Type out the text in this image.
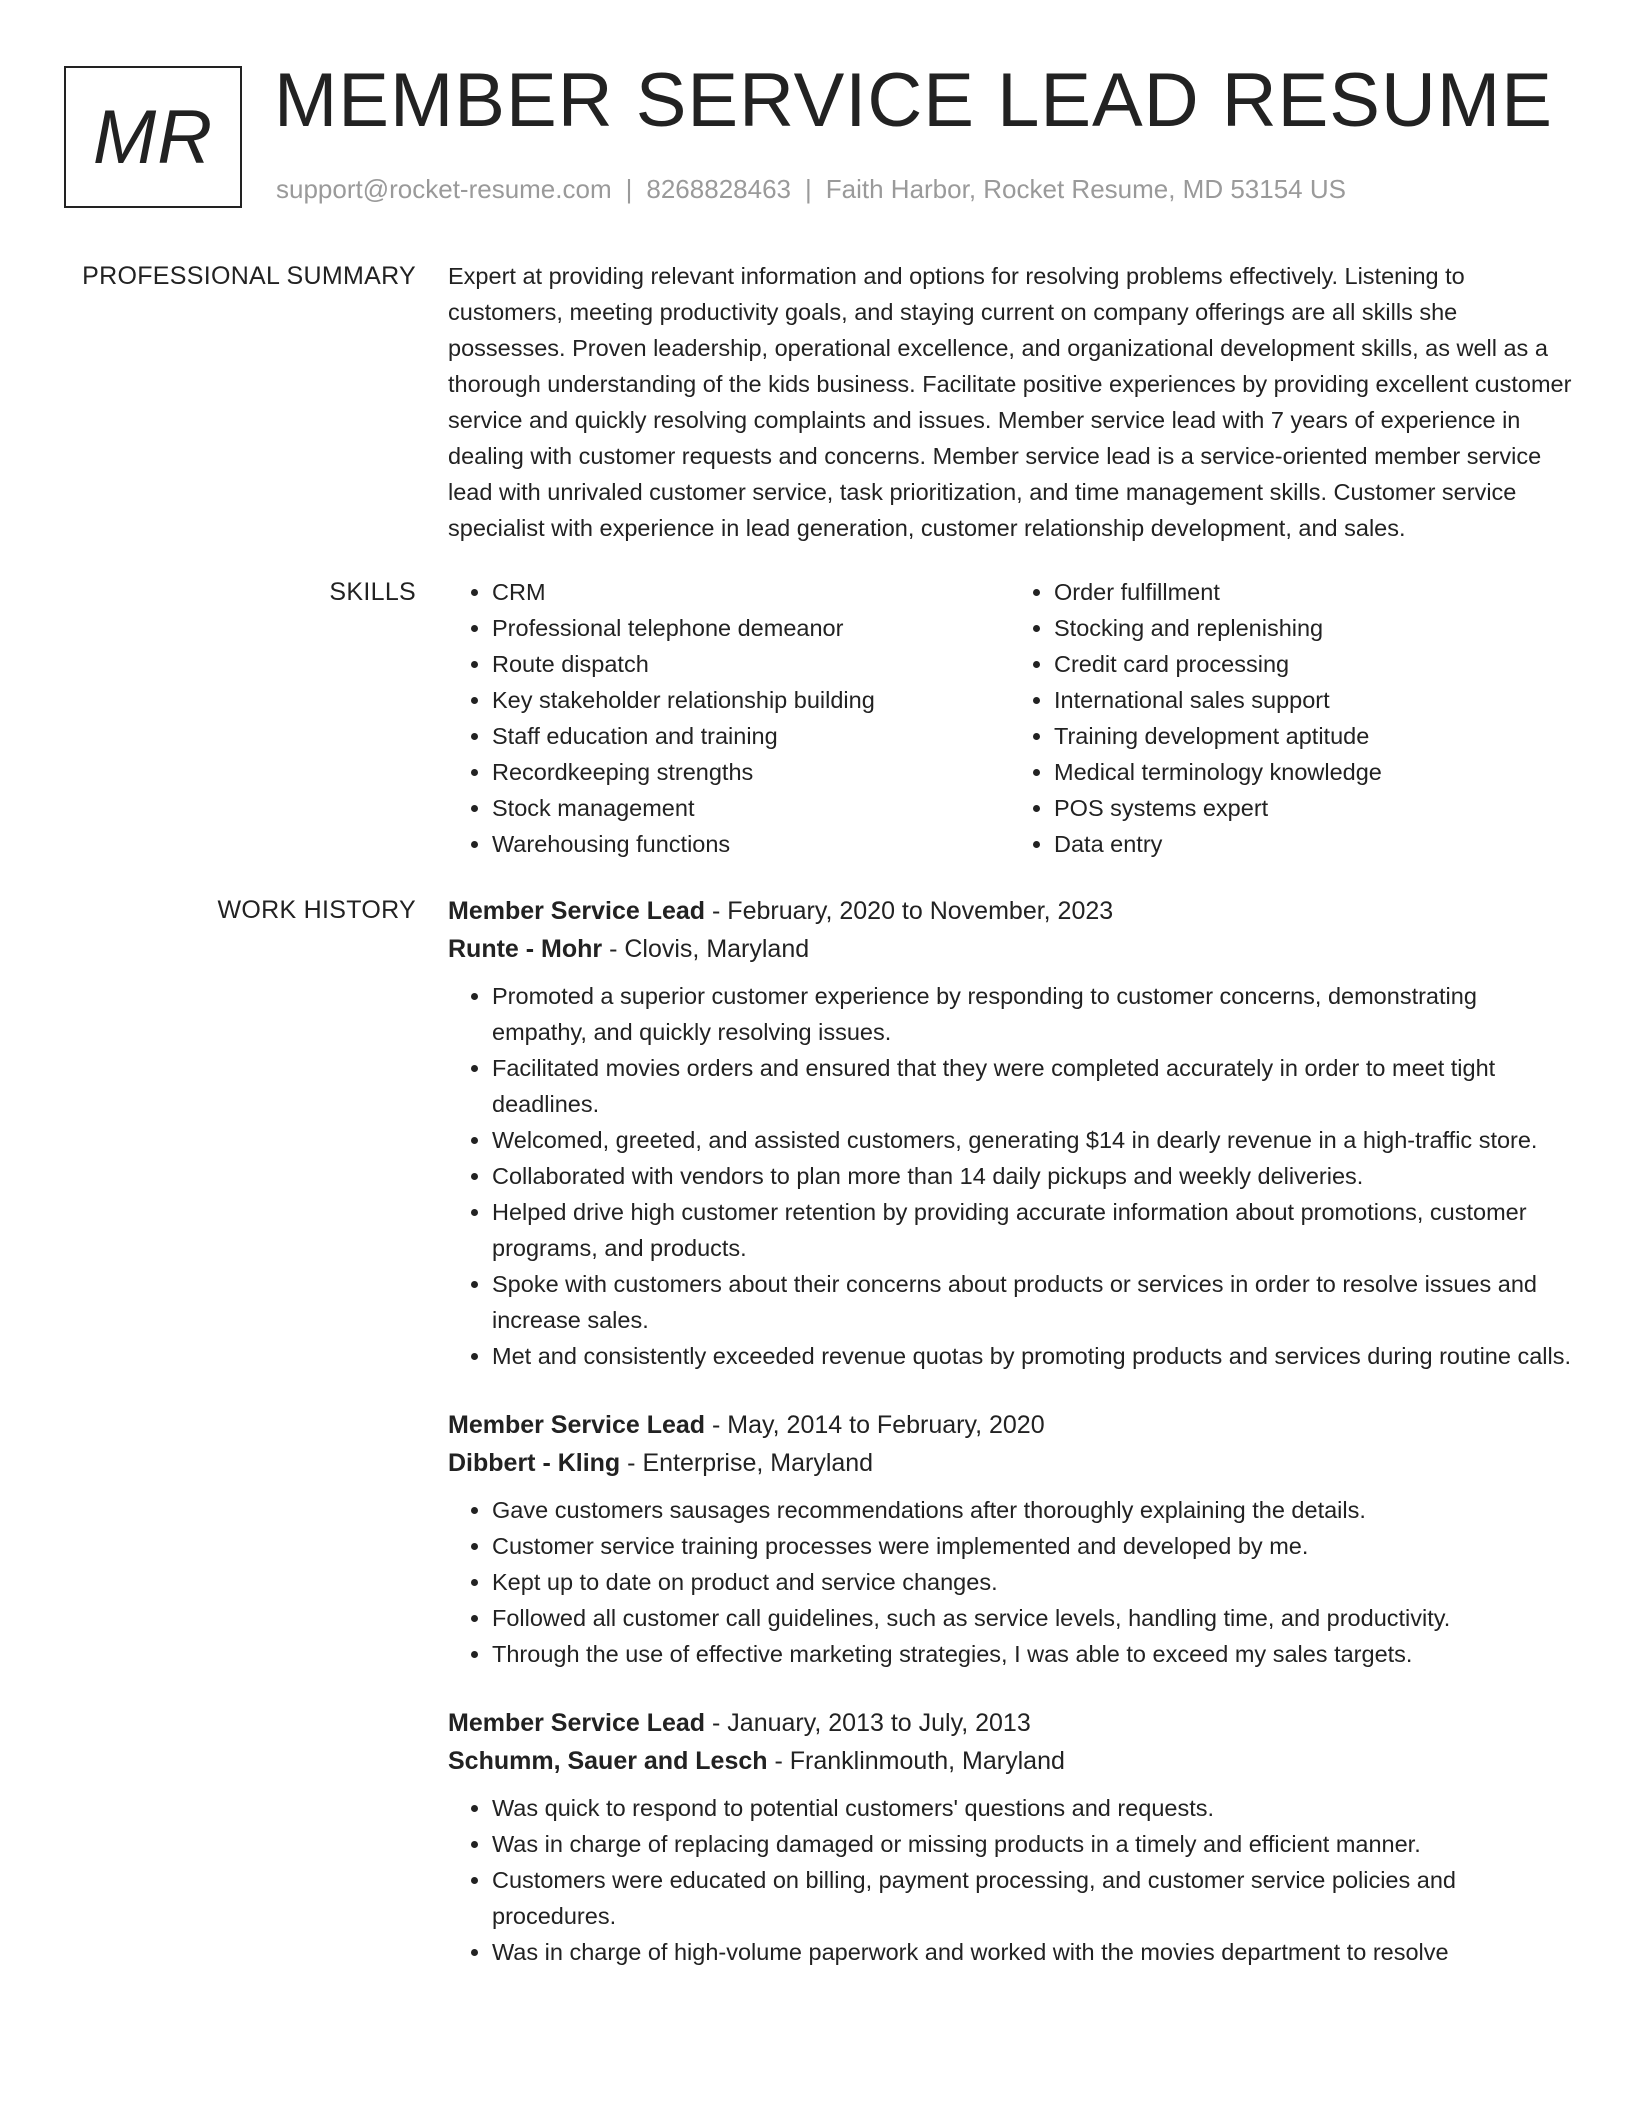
MR MEMBER SERVICE LEAD RESUME
support@rocket-resume.com | 8268828463 | Faith Harbor, Rocket Resume, MD 53154 US
PROFESSIONAL SUMMARY Expert at providing relevant information and options for resolving problems effectively. Listening to customers, meeting productivity goals, and staying current on company offerings are all skills she possesses. Proven leadership, operational excellence, and organizational development skills, as well as a thorough understanding of the kids business. Facilitate positive experiences by providing excellent customer service and quickly resolving complaints and issues. Member service lead with 7 years of experience in dealing with customer requests and concerns. Member service lead is a service-oriented member service lead with unrivaled customer service, task prioritization, and time management skills. Customer service specialist with experience in lead generation, customer relationship development, and sales.

SKILLS
•	CRM
• Professional telephone demeanor
• Route dispatch
• Key stakeholder relationship building
• Staff education and training
• Recordkeeping strengths
• Stock management
• Warehousing functions
• Order fulfillment
• Stocking and replenishing
• Credit card processing
• International sales support
• Training development aptitude
• Medical terminology knowledge
• POS systems expert
• Data entry
WORK HISTORY Member Service Lead - February, 2020 to November, 2023
Runte - Mohr - Clovis, Maryland
• Promoted a superior customer experience by responding to customer concerns, demonstrating empathy, and quickly resolving issues.
• Facilitated movies orders and ensured that they were completed accurately in order to meet tight deadlines.
• Welcomed, greeted, and assisted customers, generating $14 in dearly revenue in a high-traffic store.
• Collaborated with vendors to plan more than 14 daily pickups and weekly deliveries.
• Helped drive high customer retention by providing accurate information about promotions, customer programs, and products.
• Spoke with customers about their concerns about products or services in order to resolve issues and increase sales.
• Met and consistently exceeded revenue quotas by promoting products and services during routine calls.
Member Service Lead - May, 2014 to February, 2020
Dibbert - Kling - Enterprise, Maryland
• Gave customers sausages recommendations after thoroughly explaining the details.
• Customer service training processes were implemented and developed by me.
• Kept up to date on product and service changes.
• Followed all customer call guidelines, such as service levels, handling time, and productivity.
• Through the use of effective marketing strategies, I was able to exceed my sales targets.
Member Service Lead - January, 2013 to July, 2013
Schumm, Sauer and Lesch - Franklinmouth, Maryland
• Was quick to respond to potential customers' questions and requests.
• Was in charge of replacing damaged or missing products in a timely and efficient manner.
• Customers were educated on billing, payment processing, and customer service policies and procedures.
• Was in charge of high-volume paperwork and worked with the movies department to resolve
